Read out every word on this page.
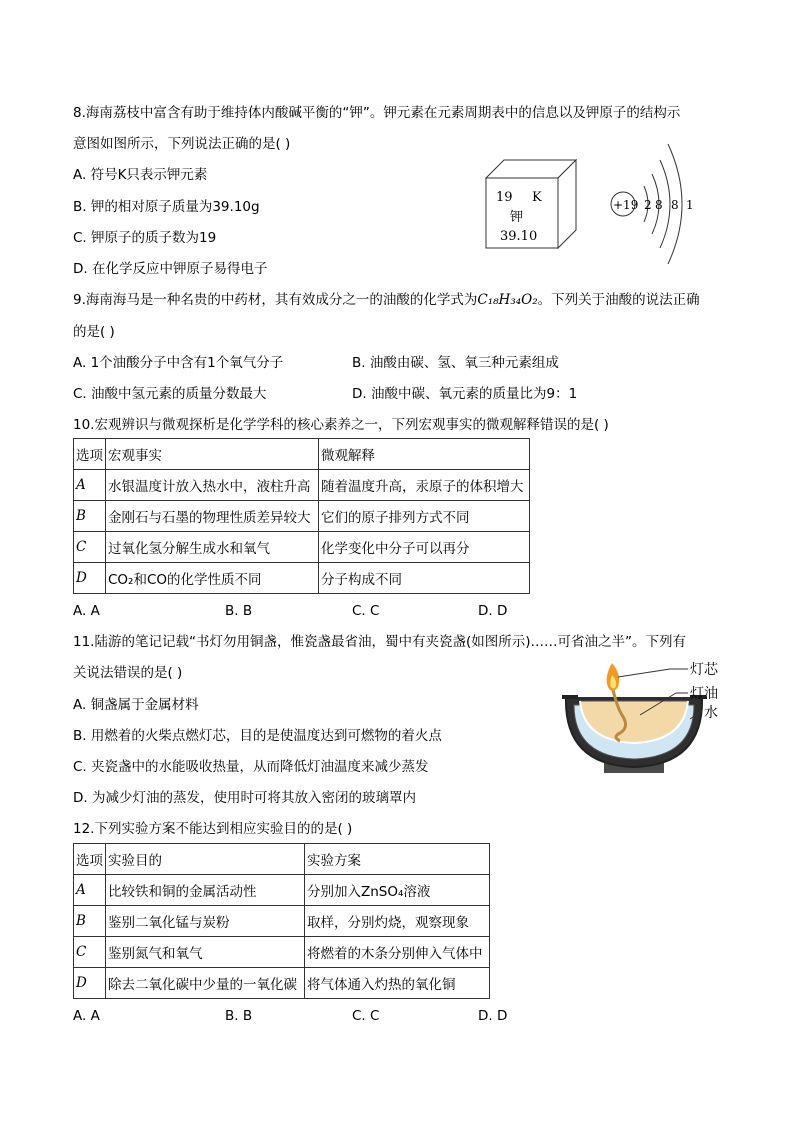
8.海南荔枝中富含有助于维持体内酸碱平衡的“钾”。钾元素在元素周期表中的信息以及钾原子的结构示
意图如图所示，下列说法正确的是( )
A. 符号K只表示钾元素
B. 钾的相对原子质量为39.10g
C. 钾原子的质子数为19
D. 在化学反应中钾原子易得电子
19 K
钾
39.10
+19 2 8 8 1
9.海南海马是一种名贵的中药材，其有效成分之一的油酸的化学式为C₁₈H₃₄O₂。下列关于油酸的说法正确
的是( )
A. 1个油酸分子中含有1个氧气分子	B. 油酸由碳、氢、氧三种元素组成
C. 油酸中氢元素的质量分数最大	D. 油酸中碳、氧元素的质量比为9：1
10.宏观辨识与微观探析是化学学科的核心素养之一，下列宏观事实的微观解释错误的是( )
选项	宏观事实	微观解释
A	水银温度计放入热水中，液柱升高	随着温度升高，汞原子的体积增大
B	金刚石与石墨的物理性质差异较大	它们的原子排列方式不同
C	过氧化氢分解生成水和氧气	化学变化中分子可以再分
D	CO₂和CO的化学性质不同	分子构成不同
A. A	B. B	C. C	D. D
11.陆游的笔记记载“书灯勿用铜盏，惟瓷盏最省油，蜀中有夹瓷盏(如图所示)……可省油之半”。下列有
关说法错误的是( )
A. 铜盏属于金属材料
B. 用燃着的火柴点燃灯芯，目的是使温度达到可燃物的着火点
C. 夹瓷盏中的水能吸收热量，从而降低灯油温度来减少蒸发
D. 为减少灯油的蒸发，使用时可将其放入密闭的玻璃罩内
灯芯
灯油
水
12.下列实验方案不能达到相应实验目的的是( )
选项	实验目的	实验方案
A	比较铁和铜的金属活动性	分别加入ZnSO₄溶液
B	鉴别二氧化锰与炭粉	取样，分别灼烧，观察现象
C	鉴别氮气和氧气	将燃着的木条分别伸入气体中
D	除去二氧化碳中少量的一氧化碳	将气体通入灼热的氧化铜
A. A	B. B	C. C	D. D
